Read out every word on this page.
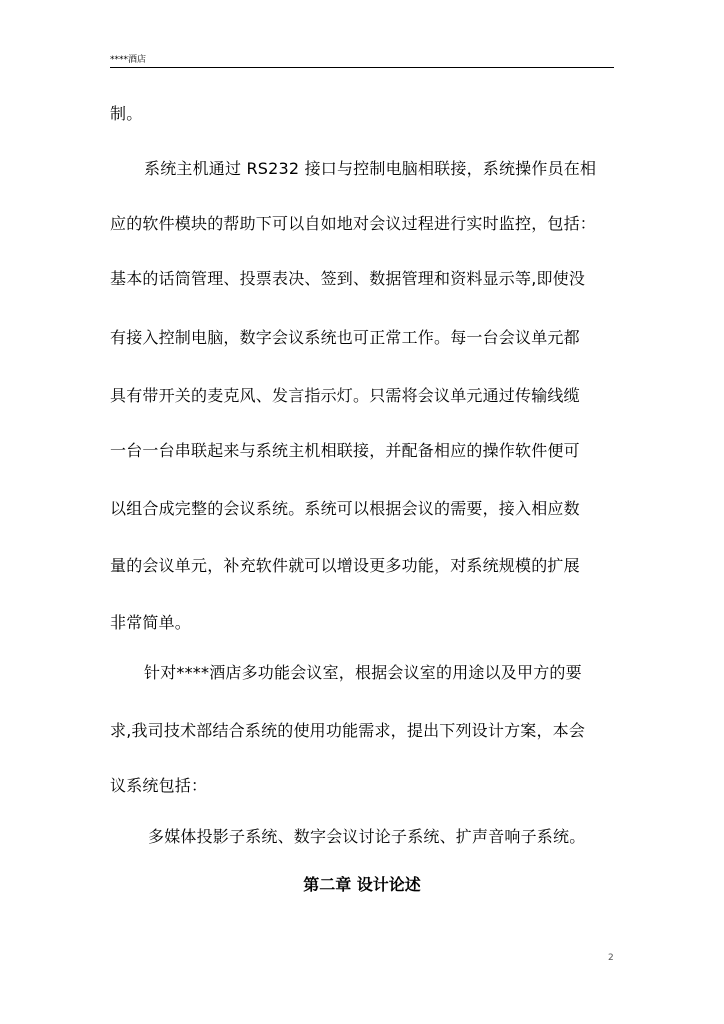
****酒店
制。
系统主机通过 RS232 接口与控制电脑相联接，系统操作员在相
应的软件模块的帮助下可以自如地对会议过程进行实时监控，包括：
基本的话筒管理、投票表决、签到、数据管理和资料显示等,即使没
有接入控制电脑，数字会议系统也可正常工作。每一台会议单元都
具有带开关的麦克风、发言指示灯。只需将会议单元通过传输线缆
一台一台串联起来与系统主机相联接，并配备相应的操作软件便可
以组合成完整的会议系统。系统可以根据会议的需要，接入相应数
量的会议单元，补充软件就可以增设更多功能，对系统规模的扩展
非常简单。
针对****酒店多功能会议室，根据会议室的用途以及甲方的要
求,我司技术部结合系统的使用功能需求，提出下列设计方案，本会
议系统包括：
多媒体投影子系统、数字会议讨论子系统、扩声音响子系统。
第二章 设计论述
2
